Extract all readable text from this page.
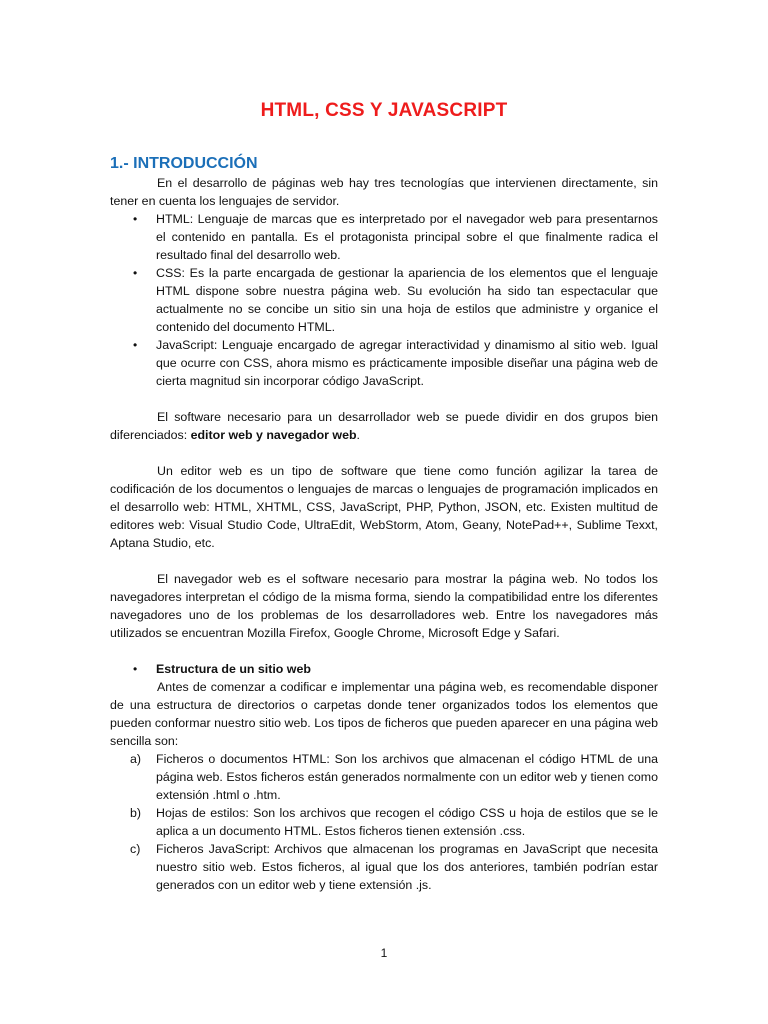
HTML, CSS Y JAVASCRIPT
1.- INTRODUCCIÓN

En el desarrollo de páginas web hay tres tecnologías que intervienen directamente, sin tener en cuenta los lenguajes de servidor.

• HTML: Lenguaje de marcas que es interpretado por el navegador web para presentarnos el contenido en pantalla. Es el protagonista principal sobre el que finalmente radica el resultado final del desarrollo web.
• CSS: Es la parte encargada de gestionar la apariencia de los elementos que el lenguaje HTML dispone sobre nuestra página web. Su evolución ha sido tan espectacular que actualmente no se concibe un sitio sin una hoja de estilos que administre y organice el contenido del documento HTML.
• JavaScript: Lenguaje encargado de agregar interactividad y dinamismo al sitio web. Igual que ocurre con CSS, ahora mismo es prácticamente imposible diseñar una página web de cierta magnitud sin incorporar código JavaScript.

El software necesario para un desarrollador web se puede dividir en dos grupos bien diferenciados: editor web y navegador web.

Un editor web es un tipo de software que tiene como función agilizar la tarea de codificación de los documentos o lenguajes de marcas o lenguajes de programación implicados en el desarrollo web: HTML, XHTML, CSS, JavaScript, PHP, Python, JSON, etc. Existen multitud de editores web: Visual Studio Code, UltraEdit, WebStorm, Atom, Geany, NotePad++, Sublime Texxt, Aptana Studio, etc.

El navegador web es el software necesario para mostrar la página web. No todos los navegadores interpretan el código de la misma forma, siendo la compatibilidad entre los diferentes navegadores uno de los problemas de los desarrolladores web. Entre los navegadores más utilizados se encuentran Mozilla Firefox, Google Chrome, Microsoft Edge y Safari.

• Estructura de un sitio web

Antes de comenzar a codificar e implementar una página web, es recomendable disponer de una estructura de directorios o carpetas donde tener organizados todos los elementos que pueden conformar nuestro sitio web. Los tipos de ficheros que pueden aparecer en una página web sencilla son:

a) Ficheros o documentos HTML: Son los archivos que almacenan el código HTML de una página web. Estos ficheros están generados normalmente con un editor web y tienen como extensión .html o .htm.
b) Hojas de estilos: Son los archivos que recogen el código CSS u hoja de estilos que se le aplica a un documento HTML. Estos ficheros tienen extensión .css.
c) Ficheros JavaScript: Archivos que almacenan los programas en JavaScript que necesita nuestro sitio web. Estos ficheros, al igual que los dos anteriores, también podrían estar generados con un editor web y tiene extensión .js.
1
